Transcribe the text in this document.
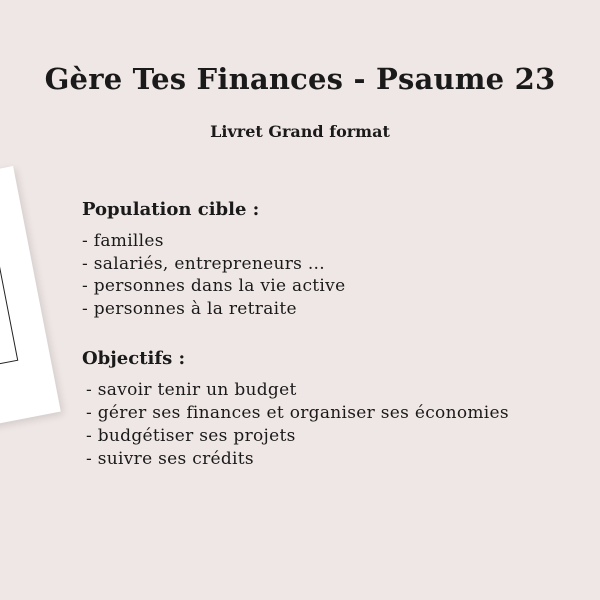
Gère Tes Finances - Psaume 23
Livret Grand format
Population cible :
- familles
- salariés, entrepreneurs ...
- personnes dans la vie active
- personnes à la retraite
Objectifs :
- savoir tenir un budget
- gérer ses finances et organiser ses économies
- budgétiser ses projets
- suivre ses crédits
